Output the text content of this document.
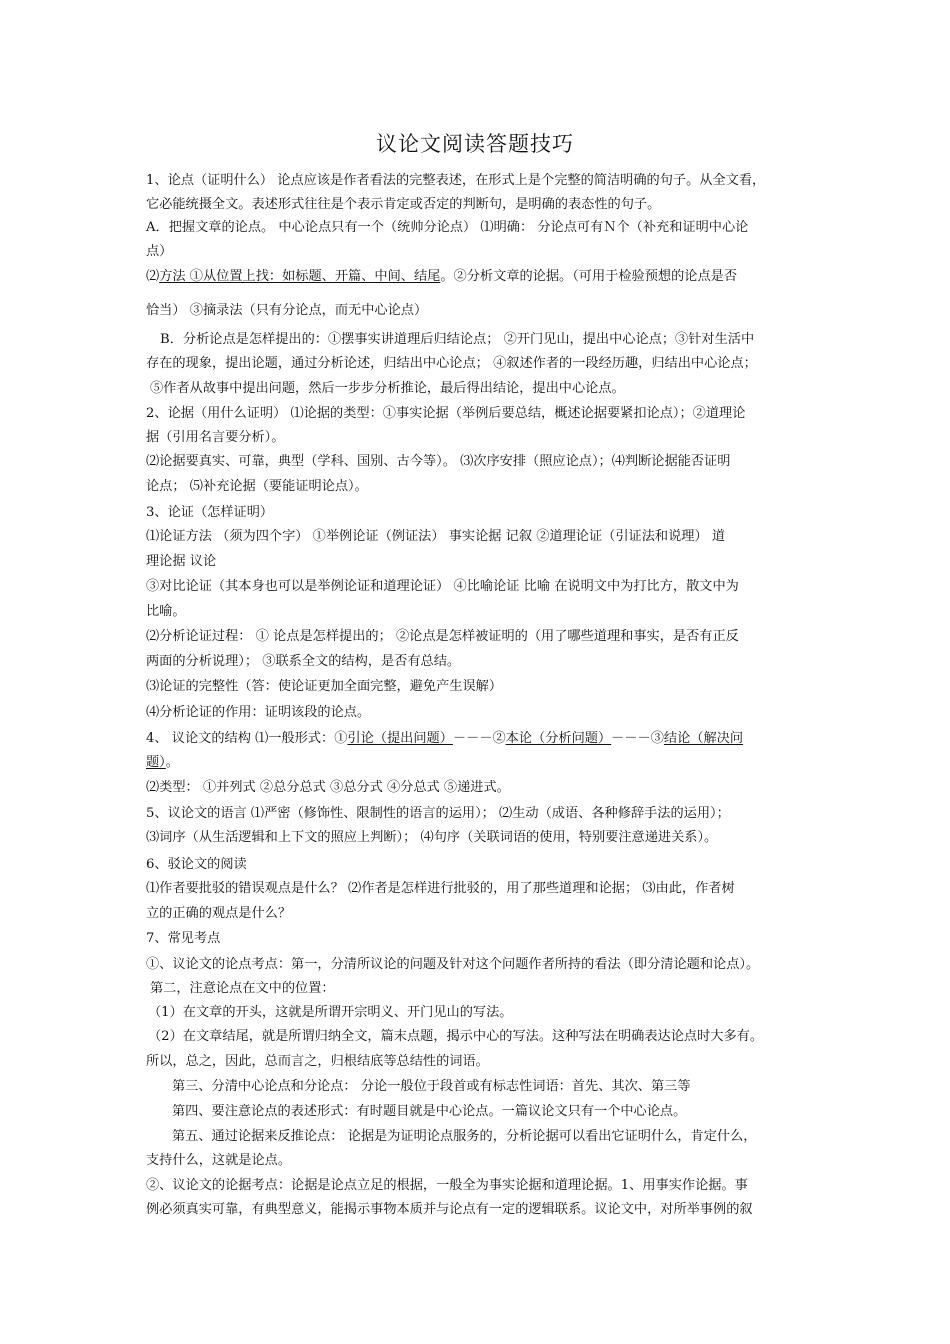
议论文阅读答题技巧
1、论点（证明什么） 论点应该是作者看法的完整表述，在形式上是个完整的简洁明确的句子。从全文看，
它必能统摄全文。表述形式往往是个表示肯定或否定的判断句，是明确的表态性的句子。
A．把握文章的论点。 中心论点只有一个（统帅分论点） ⑴明确： 分论点可有Ｎ个（补充和证明中心论
点）
⑵方法 ①从位置上找：如标题、开篇、中间、结尾。②分析文章的论据。（可用于检验预想的论点是否
恰当） ③摘录法（只有分论点，而无中心论点）
B．分析论点是怎样提出的：①摆事实讲道理后归结论点； ②开门见山，提出中心论点；③针对生活中
存在的现象，提出论题，通过分析论述，归结出中心论点； ④叙述作者的一段经历趣，归结出中心论点；
⑤作者从故事中提出问题，然后一步步分析推论，最后得出结论，提出中心论点。
2、论据（用什么证明） ⑴论据的类型：①事实论据（举例后要总结，概述论据要紧扣论点）；②道理论
据（引用名言要分析）。
⑵论据要真实、可靠，典型（学科、国别、古今等）。 ⑶次序安排（照应论点）；⑷判断论据能否证明
论点； ⑸补充论据（要能证明论点）。
3、论证（怎样证明）
⑴论证方法 （须为四个字） ①举例论证（例证法） 事实论据 记叙 ②道理论证（引证法和说理） 道
理论据 议论
③对比论证（其本身也可以是举例论证和道理论证） ④比喻论证 比喻 在说明文中为打比方，散文中为
比喻。
⑵分析论证过程： ① 论点是怎样提出的； ②论点是怎样被证明的（用了哪些道理和事实，是否有正反
两面的分析说理）； ③联系全文的结构，是否有总结。
⑶论证的完整性（答：使论证更加全面完整，避免产生误解）
⑷分析论证的作用：证明该段的论点。
4、 议论文的结构 ⑴一般形式：①引论（提出问题）－－－②本论（分析问题）－－－③结论（解决问
题）。
⑵类型： ①并列式 ②总分总式 ③总分式 ④分总式 ⑤递进式。
5、议论文的语言 ⑴严密（修饰性、限制性的语言的运用）； ⑵生动（成语、各种修辞手法的运用）；
⑶词序（从生活逻辑和上下文的照应上判断）； ⑷句序（关联词语的使用，特别要注意递进关系）。
6、驳论文的阅读
⑴作者要批驳的错误观点是什么？ ⑵作者是怎样进行批驳的，用了那些道理和论据； ⑶由此，作者树
立的正确的观点是什么？
7、常见考点
①、议论文的论点考点：第一，分清所议论的问题及针对这个问题作者所持的看法（即分清论题和论点）。
第二，注意论点在文中的位置：
（1）在文章的开头，这就是所谓开宗明义、开门见山的写法。
（2）在文章结尾，就是所谓归纳全文，篇末点题，揭示中心的写法。这种写法在明确表达论点时大多有。
所以，总之，因此，总而言之，归根结底等总结性的词语。
第三、分清中心论点和分论点： 分论一般位于段首或有标志性词语：首先、其次、第三等
第四、要注意论点的表述形式：有时题目就是中心论点。一篇议论文只有一个中心论点。
第五、通过论据来反推论点： 论据是为证明论点服务的，分析论据可以看出它证明什么，肯定什么，
支持什么，这就是论点。
②、议论文的论据考点：论据是论点立足的根据，一般全为事实论据和道理论据。1、用事实作论据。事
例必须真实可靠，有典型意义，能揭示事物本质并与论点有一定的逻辑联系。议论文中，对所举事例的叙
